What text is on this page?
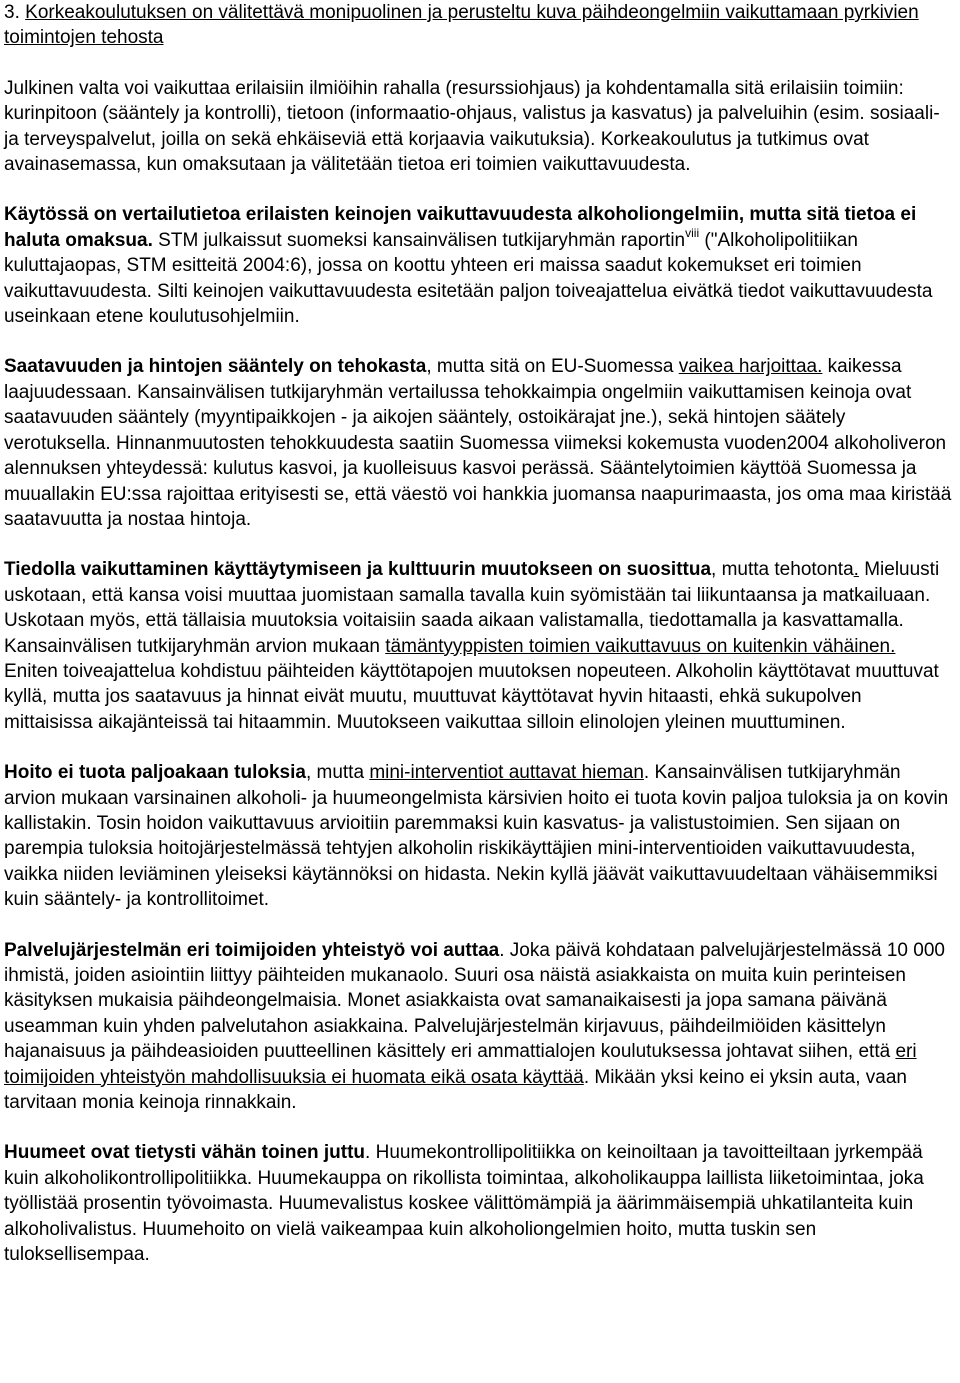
3. Korkeakoulutuksen on välitettävä monipuolinen ja perusteltu kuva päihdeongelmiin vaikuttamaan pyrkivien toimintojen tehosta

Julkinen valta voi vaikuttaa erilaisiin ilmiöihin rahalla (resurssiohjaus) ja kohdentamalla sitä erilaisiin toimiin: kurinpitoon (sääntely ja kontrolli), tietoon (informaatio-ohjaus, valistus ja kasvatus) ja palveluihin (esim. sosiaali- ja terveyspalvelut, joilla on sekä ehkäiseviä että korjaavia vaikutuksia). Korkeakoulutus ja tutkimus ovat avainasemassa, kun omaksutaan ja välitetään tietoa eri toimien vaikuttavuudesta.

Käytössä on vertailutietoa erilaisten keinojen vaikuttavuudesta alkoholiongelmiin, mutta sitä tietoa ei haluta omaksua. STM julkaissut suomeksi kansainvälisen tutkijaryhmän raportin$^{viii}$ ("Alkoholipolitiikan kuluttajaopas, STM esitteitä 2004:6), jossa on koottu yhteen eri maissa saadut kokemukset eri toimien vaikuttavuudesta. Silti keinojen vaikuttavuudesta esitetään paljon toiveajattelua eivätkä tiedot vaikuttavuudesta useinkaan etene koulutusohjelmiin.

Saatavuuden ja hintojen sääntely on tehokasta, mutta sitä on EU-Suomessa vaikea harjoittaa. kaikessa laajuudessaan. Kansainvälisen tutkijaryhmän vertailussa tehokkaimpia ongelmiin vaikuttamisen keinoja ovat saatavuuden sääntely (myyntipaikkojen - ja aikojen sääntely, ostoikärajat jne.), sekä hintojen säätely verotuksella. Hinnanmuutosten tehokkuudesta saatiin Suomessa viimeksi kokemusta vuoden2004 alkoholiveron alennuksen yhteydessä: kulutus kasvoi, ja kuolleisuus kasvoi perässä. Sääntelytoimien käyttöä Suomessa ja muuallakin EU:ssa rajoittaa erityisesti se, että väestö voi hankkia juomansa naapurimaasta, jos oma maa kiristää saatavuutta ja nostaa hintoja.

Tiedolla vaikuttaminen käyttäytymiseen ja kulttuurin muutokseen on suosittua, mutta tehotonta. Mieluusti uskotaan, että kansa voisi muuttaa juomistaan samalla tavalla kuin syömistään tai liikuntaansa ja matkailuaan. Uskotaan myös, että tällaisia muutoksia voitaisiin saada aikaan valistamalla, tiedottamalla ja kasvattamalla. Kansainvälisen tutkijaryhmän arvion mukaan tämäntyyppisten toimien vaikuttavuus on kuitenkin vähäinen. Eniten toiveajattelua kohdistuu päihteiden käyttötapojen muutoksen nopeuteen. Alkoholin käyttötavat muuttuvat kyllä, mutta jos saatavuus ja hinnat eivät muutu, muuttuvat käyttötavat hyvin hitaasti, ehkä sukupolven mittaisissa aikajänteissä tai hitaammin. Muutokseen vaikuttaa silloin elinolojen yleinen muuttuminen.

Hoito ei tuota paljoakaan tuloksia, mutta mini-interventiot auttavat hieman. Kansainvälisen tutkijaryhmän arvion mukaan varsinainen alkoholi- ja huumeongelmista kärsivien hoito ei tuota kovin paljoa tuloksia ja on kovin kallistakin. Tosin hoidon vaikuttavuus arvioitiin paremmaksi kuin kasvatus- ja valistustoimien. Sen sijaan on parempia tuloksia hoitojärjestelmässä tehtyjen alkoholin riskikäyttäjien mini-interventioiden vaikuttavuudesta, vaikka niiden leviäminen yleiseksi käytännöksi on hidasta. Nekin kyllä jäävät vaikuttavuudeltaan vähäisemmiksi kuin sääntely- ja kontrollitoimet.

Palvelujärjestelmän eri toimijoiden yhteistyö voi auttaa. Joka päivä kohdataan palvelujärjestelmässä 10 000 ihmistä, joiden asiointiin liittyy päihteiden mukanaolo. Suuri osa näistä asiakkaista on muita kuin perinteisen käsityksen mukaisia päihdeongelmaisia. Monet asiakkaista ovat samanaikaisesti ja jopa samana päivänä useamman kuin yhden palvelutahon asiakkaina. Palvelujärjestelmän kirjavuus, päihdeilmiöiden käsittelyn hajanaisuus ja päihdeasioiden puutteellinen käsittely eri ammattialojen koulutuksessa johtavat siihen, että eri toimijoiden yhteistyön mahdollisuuksia ei huomata eikä osata käyttää. Mikään yksi keino ei yksin auta, vaan tarvitaan monia keinoja rinnakkain.

Huumeet ovat tietysti vähän toinen juttu. Huumekontrollipolitiikka on keinoiltaan ja tavoitteiltaan jyrkempää kuin alkoholikontrollipolitiikka. Huumekauppa on rikollista toimintaa, alkoholikauppa laillista liiketoimintaa, joka työllistää prosentin työvoimasta. Huumevalistus koskee välittömämpiä ja äärimmäisempiä uhkatilanteita kuin alkoholivalistus. Huumehoito on vielä vaikeampaa kuin alkoholiongelmien hoito, mutta tuskin sen tuloksellisempaa.
